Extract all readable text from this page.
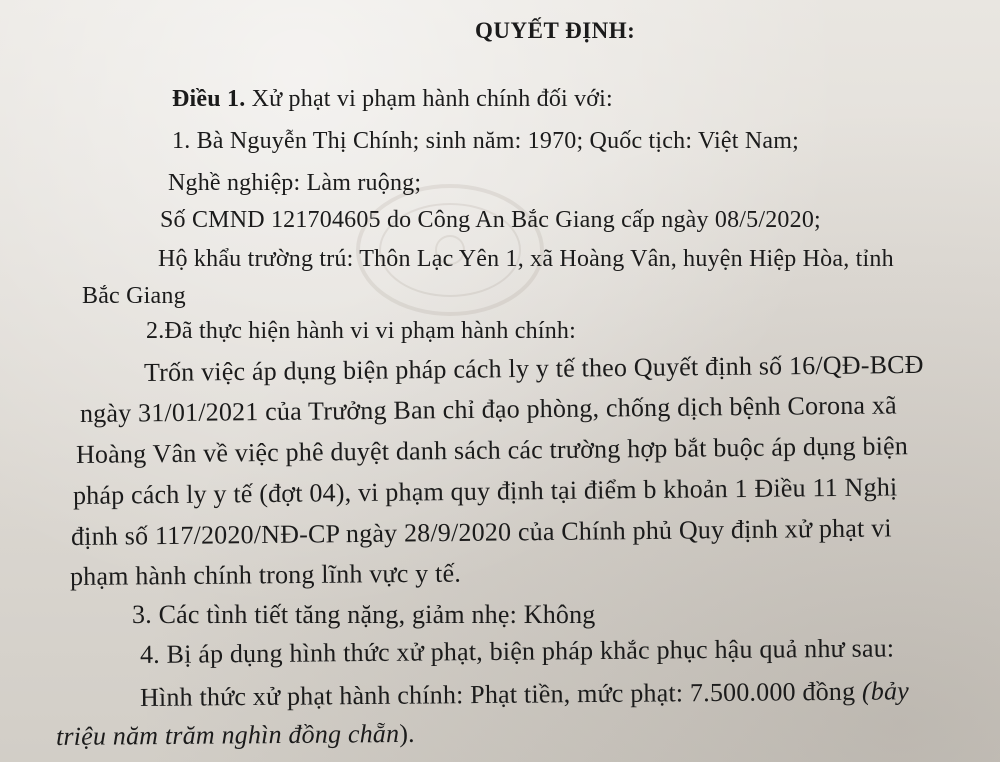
QUYẾT ĐỊNH:
Điều 1. Xử phạt vi phạm hành chính đối với:
1. Bà Nguyễn Thị Chính; sinh năm: 1970; Quốc tịch: Việt Nam;
Nghề nghiệp: Làm ruộng;
Số CMND 121704605 do Công An Bắc Giang cấp ngày 08/5/2020;
Hộ khẩu trường trú: Thôn Lạc Yên 1, xã Hoàng Vân, huyện Hiệp Hòa, tỉnh
Bắc Giang
2.Đã thực hiện hành vi vi phạm hành chính:
Trốn việc áp dụng biện pháp cách ly y tế theo Quyết định số 16/QĐ-BCĐ
ngày 31/01/2021 của Trưởng Ban chỉ đạo phòng, chống dịch bệnh Corona xã
Hoàng Vân về việc phê duyệt danh sách các trường hợp bắt buộc áp dụng biện
pháp cách ly y tế (đợt 04), vi phạm quy định tại điểm b khoản 1 Điều 11 Nghị
định số 117/2020/NĐ-CP ngày 28/9/2020 của Chính phủ Quy định xử phạt vi
phạm hành chính trong lĩnh vực y tế.
3. Các tình tiết tăng nặng, giảm nhẹ: Không
4. Bị áp dụng hình thức xử phạt, biện pháp khắc phục hậu quả như sau:
Hình thức xử phạt hành chính: Phạt tiền, mức phạt: 7.500.000 đồng (bảy
triệu năm trăm nghìn đồng chẵn).
